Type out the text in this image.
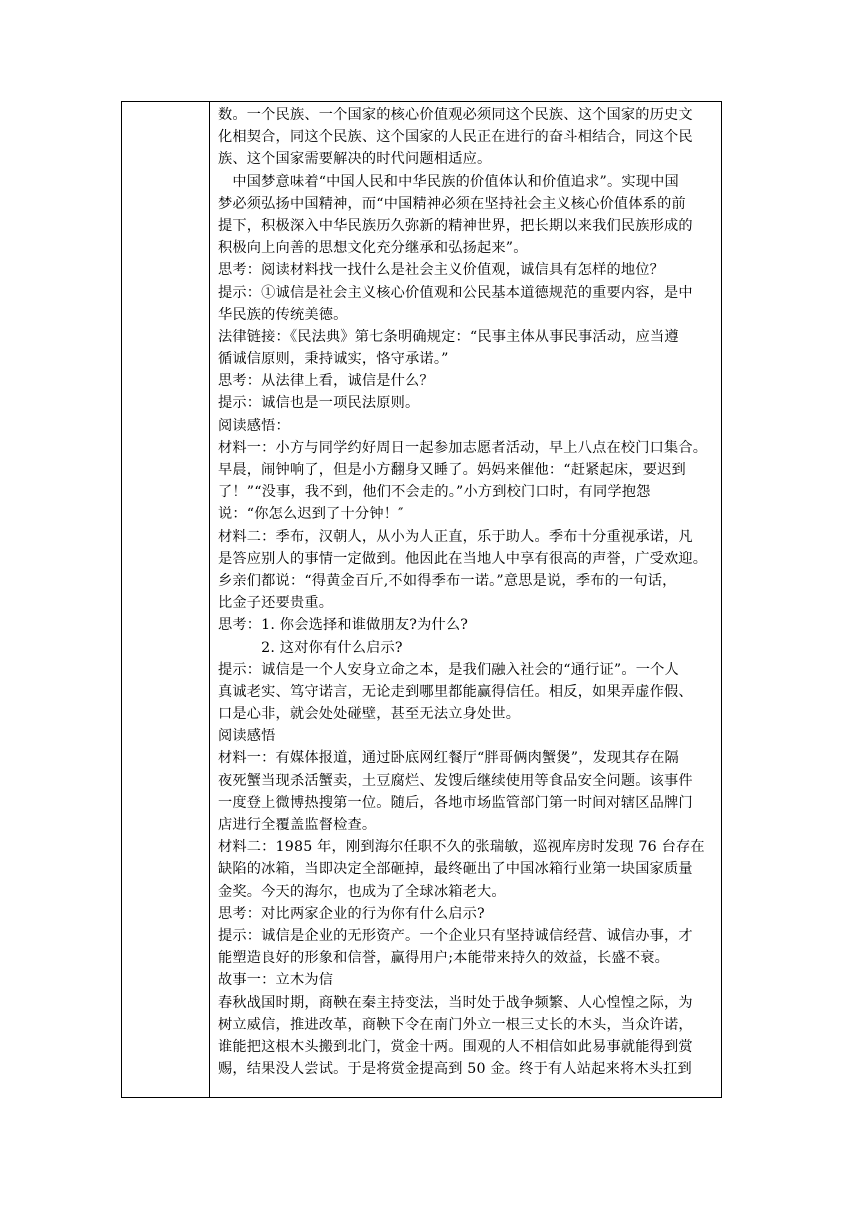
数。一个民族、一个国家的核心价值观必须同这个民族、这个国家的历史文
化相契合，同这个民族、这个国家的人民正在进行的奋斗相结合，同这个民
族、这个国家需要解决的时代问题相适应。
　中国梦意味着“中国人民和中华民族的价值体认和价值追求”。实现中国
梦必须弘扬中国精神，而“中国精神必须在坚持社会主义核心价值体系的前
提下，积极深入中华民族历久弥新的精神世界，把长期以来我们民族形成的
积极向上向善的思想文化充分继承和弘扬起来”。
思考：阅读材料找一找什么是社会主义价值观，诚信具有怎样的地位？
提示：①诚信是社会主义核心价值观和公民基本道德规范的重要内容，是中
华民族的传统美德。
法律链接：《民法典》第七条明确规定：“民事主体从事民事活动，应当遵
循诚信原则，秉持诚实，恪守承诺。”
思考：从法律上看，诚信是什么？
提示：诚信也是一项民法原则。
阅读感悟：
材料一：小方与同学约好周日一起参加志愿者活动，早上八点在校门口集合。
早晨，闹钟响了，但是小方翻身又睡了。妈妈来催他：“赶紧起床，要迟到
了！”“没事，我不到，他们不会走的。”小方到校门口时，有同学抱怨
说：“你怎么迟到了十分钟！″
材料二：季布，汉朝人，从小为人正直，乐于助人。季布十分重视承诺，凡
是答应别人的事情一定做到。他因此在当地人中享有很高的声誉，广受欢迎。
乡亲们都说：“得黄金百斤,不如得季布一诺。”意思是说，季布的一句话，
比金子还要贵重。
思考：1. 你会选择和谁做朋友?为什么?
　　　2. 这对你有什么启示?
提示：诚信是一个人安身立命之本，是我们融入社会的“通行证”。一个人
真诚老实、笃守诺言，无论走到哪里都能赢得信任。相反，如果弄虚作假、
口是心非，就会处处碰壁，甚至无法立身处世。
阅读感悟
材料一：有媒体报道，通过卧底网红餐厅“胖哥俩肉蟹煲”，发现其存在隔
夜死蟹当现杀活蟹卖，土豆腐烂、发馊后继续使用等食品安全问题。该事件
一度登上微博热搜第一位。随后，各地市场监管部门第一时间对辖区品牌门
店进行全覆盖监督检查。
材料二：1985 年，刚到海尔任职不久的张瑞敏，巡视库房时发现 76 台存在
缺陷的冰箱，当即决定全部砸掉，最终砸出了中国冰箱行业第一块国家质量
金奖。今天的海尔，也成为了全球冰箱老大。
思考：对比两家企业的行为你有什么启示?
提示：诚信是企业的无形资产。一个企业只有坚持诚信经营、诚信办事，才
能塑造良好的形象和信誉，赢得用户;本能带来持久的效益，长盛不衰。
故事一：立木为信
春秋战国时期，商鞅在秦主持变法，当时处于战争频繁、人心惶惶之际，为
树立威信，推进改革，商鞅下令在南门外立一根三丈长的木头，当众许诺，
谁能把这根木头搬到北门，赏金十两。围观的人不相信如此易事就能得到赏
赐，结果没人尝试。于是将赏金提高到 50 金。终于有人站起来将木头扛到
